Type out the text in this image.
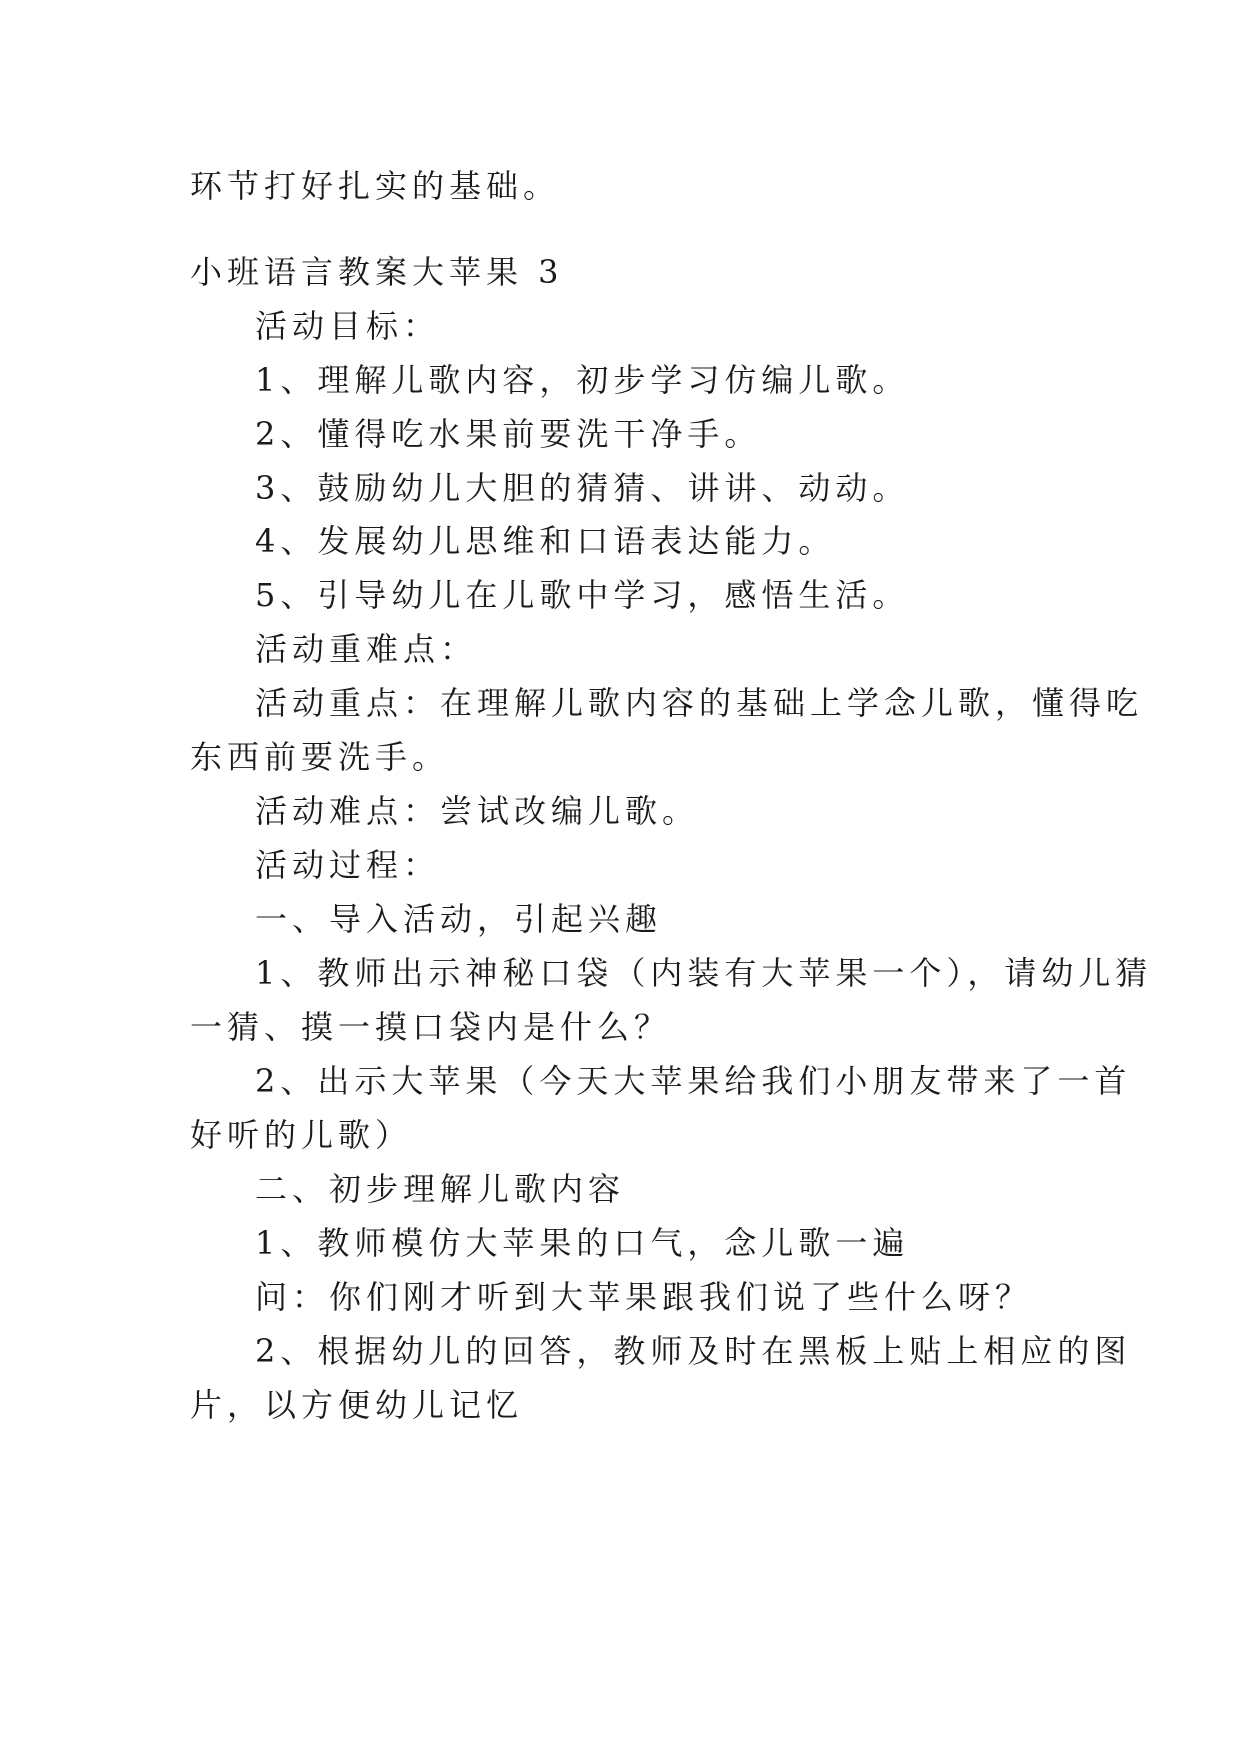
环节打好扎实的基础。

小班语言教案大苹果 3

活动目标：

1、理解儿歌内容，初步学习仿编儿歌。

2、懂得吃水果前要洗干净手。

3、鼓励幼儿大胆的猜猜、讲讲、动动。

4、发展幼儿思维和口语表达能力。

5、引导幼儿在儿歌中学习，感悟生活。

活动重难点：

活动重点：在理解儿歌内容的基础上学念儿歌，懂得吃

东西前要洗手。

活动难点：尝试改编儿歌。

活动过程：

一、导入活动，引起兴趣

1、教师出示神秘口袋（内装有大苹果一个），请幼儿猜

一猜、摸一摸口袋内是什么？

2、出示大苹果（今天大苹果给我们小朋友带来了一首

好听的儿歌）

二、初步理解儿歌内容

1、教师模仿大苹果的口气，念儿歌一遍

问：你们刚才听到大苹果跟我们说了些什么呀？

2、根据幼儿的回答，教师及时在黑板上贴上相应的图

片，以方便幼儿记忆
